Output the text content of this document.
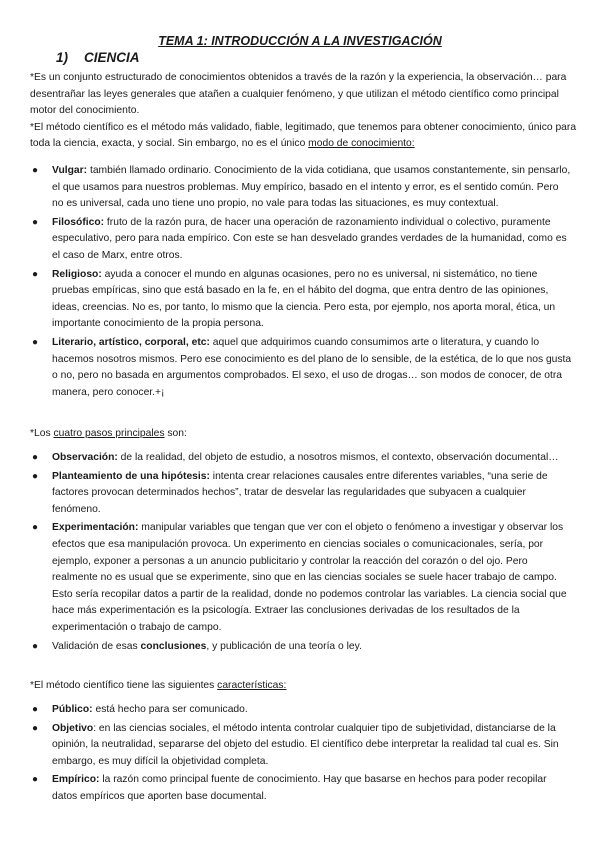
TEMA 1: INTRODUCCIÓN A LA INVESTIGACIÓN
1) CIENCIA

*Es un conjunto estructurado de conocimientos obtenidos a través de la razón y la experiencia, la observación… para desentrañar las leyes generales que atañen a cualquier fenómeno, y que utilizan el método científico como principal motor del conocimiento.

*El método científico es el método más validado, fiable, legitimado, que tenemos para obtener conocimiento, único para toda la ciencia, exacta, y social. Sin embargo, no es el único modo de conocimiento:

● Vulgar: también llamado ordinario. Conocimiento de la vida cotidiana, que usamos constantemente, sin pensarlo, el que usamos para nuestros problemas. Muy empírico, basado en el intento y error, es el sentido común. Pero no es universal, cada uno tiene uno propio, no vale para todas las situaciones, es muy contextual.
● Filosófico: fruto de la razón pura, de hacer una operación de razonamiento individual o colectivo, puramente especulativo, pero para nada empírico. Con este se han desvelado grandes verdades de la humanidad, como es el caso de Marx, entre otros.
● Religioso: ayuda a conocer el mundo en algunas ocasiones, pero no es universal, ni sistemático, no tiene pruebas empíricas, sino que está basado en la fe, en el hábito del dogma, que entra dentro de las opiniones, ideas, creencias. No es, por tanto, lo mismo que la ciencia. Pero esta, por ejemplo, nos aporta moral, ética, un importante conocimiento de la propia persona.
● Literario, artístico, corporal, etc: aquel que adquirimos cuando consumimos arte o literatura, y cuando lo hacemos nosotros mismos. Pero ese conocimiento es del plano de lo sensible, de la estética, de lo que nos gusta o no, pero no basada en argumentos comprobados. El sexo, el uso de drogas… son modos de conocer, de otra manera, pero conocer.+¡

*Los cuatro pasos principales son:

● Observación: de la realidad, del objeto de estudio, a nosotros mismos, el contexto, observación documental…
● Planteamiento de una hipótesis: intenta crear relaciones causales entre diferentes variables, “una serie de factores provocan determinados hechos”, tratar de desvelar las regularidades que subyacen a cualquier fenómeno.
● Experimentación: manipular variables que tengan que ver con el objeto o fenómeno a investigar y observar los efectos que esa manipulación provoca. Un experimento en ciencias sociales o comunicacionales, sería, por ejemplo, exponer a personas a un anuncio publicitario y controlar la reacción del corazón o del ojo. Pero realmente no es usual que se experimente, sino que en las ciencias sociales se suele hacer trabajo de campo. Esto sería recopilar datos a partir de la realidad, donde no podemos controlar las variables. La ciencia social que hace más experimentación es la psicología. Extraer las conclusiones derivadas de los resultados de la experimentación o trabajo de campo.
● Validación de esas conclusiones, y publicación de una teoría o ley.

*El método científico tiene las siguientes características:

● Público: está hecho para ser comunicado.
● Objetivo: en las ciencias sociales, el método intenta controlar cualquier tipo de subjetividad, distanciarse de la opinión, la neutralidad, separarse del objeto del estudio. El científico debe interpretar la realidad tal cual es. Sin embargo, es muy difícil la objetividad completa.
● Empírico: la razón como principal fuente de conocimiento. Hay que basarse en hechos para poder recopilar datos empíricos que aporten base documental.
